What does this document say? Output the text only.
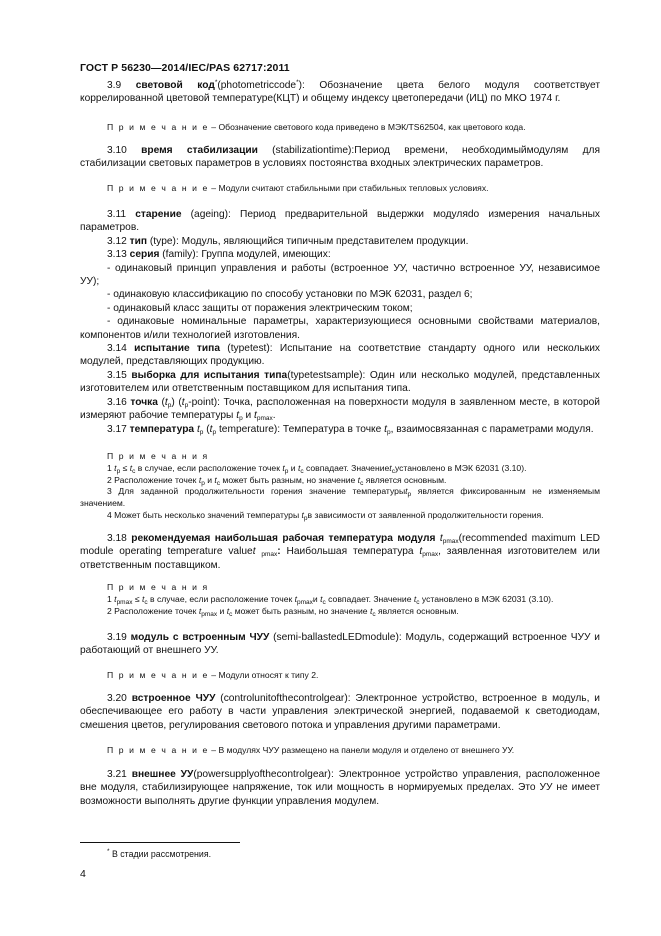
ГОСТ Р 56230—2014/IEC/PAS 62717:2011
3.9 световой код*(photometriccode*): Обозначение цвета белого модуля соответствует коррелированной цветовой температуре(КЦТ) и общему индексу цветопередачи (ИЦ) по МКО 1974 г.
П р и м е ч а н и е – Обозначение светового кода приведено в МЭК/TS62504, как цветового кода.
3.10 время стабилизации (stabilizationtime):Период времени, необходимыймодулям для стабилизации световых параметров в условиях постоянства входных электрических параметров.
П р и м е ч а н и е – Модули считают стабильными при стабильных тепловых условиях.
3.11 старение (ageing): Период предварительной выдержки модуляdо измерения начальных параметров.
3.12 тип (type): Модуль, являющийся типичным представителем продукции.
3.13 серия (family): Группа модулей, имеющих:
- одинаковый принцип управления и работы (встроенное УУ, частично встроенное УУ, независимое УУ);
- одинаковую классификацию по способу установки по МЭК 62031, раздел 6;
- одинаковый класс защиты от поражения электрическим током;
- одинаковые номинальные параметры, характеризующиеся основными свойствами материалов, компонентов и/или технологией изготовления.
3.14 испытание типа (typetest): Испытание на соответствие стандарту одного или нескольких модулей, представляющих продукцию.
3.15 выборка для испытания типа(typetestsample): Один или несколько модулей, представленных изготовителем или ответственным поставщиком для испытания типа.
3.16 точка $(t_p)$ $(t_p-point)$: Точка, расположенная на поверхности модуля в заявленном месте, в которой измеряют рабочие температуры $t_p$ и $t_{pmax}$.
3.17 температура $t_p$ ($t_p$ temperature): Температура в точке $t_p$, взаимосвязанная с параметрами модуля.
П р и м е ч а н и я
1 $t_p \le t_c$ в случае, если расположение точек $t_p$ и $t_c$ совпадает. Значениеt$_c$установлено в МЭК 62031 (3.10).
2 Расположение точек $t_p$ и $t_c$ может быть разным, но значение $t_c$ является основным.
3 Для заданной продолжительности горения значение температурыt$_p$ является фиксированным не изменяемым значением.
4 Может быть несколько значений температуры $t_pв$ зависимости от заявленной продолжительности горения.
3.18 рекомендуемая наибольшая рабочая температура модуля $t_{pmax}(recommended$ maximum LED module operating temperature valuet $_{pmax}$: Наибольшая температура $t_{pmax}$, заявленная изготовителем или ответственным поставщиком.
П р и м е ч а н и я
1 $t_{pmax} \le t_c$ в случае, если расположение точек $t_{pmax}и$ $t_c$ совпадает. Значение $t_c$ установлено в МЭК 62031 (3.10).
2 Расположение точек $t_{pmax}$ и $t_c$ может быть разным, но значение $t_c$ является основным.
3.19 модуль с встроенным ЧУУ (semi-ballastedLEDmodule): Модуль, содержащий встроенное ЧУУ и работающий от внешнего УУ.
П р и м е ч а н и е – Модули относят к типу 2.
3.20 встроенное ЧУУ (controlunitofthecontrolgear): Электронное устройство, встроенное в модуль, и обеспечивающее его работу в части управления электрической энергией, подаваемой к светодиодам, смешения цветов, регулирования светового потока и управления другими параметрами.
П р и м е ч а н и е – В модулях ЧУУ размещено на панели модуля и отделено от внешнего УУ.
3.21 внешнее УУ(powersupplyofthecontrolgear): Электронное устройство управления, расположенное вне модуля, стабилизирующее напряжение, ток или мощность в нормируемых пределах. Это УУ не имеет возможности выполнять другие функции управления модулем.
* В стадии рассмотрения.
4
